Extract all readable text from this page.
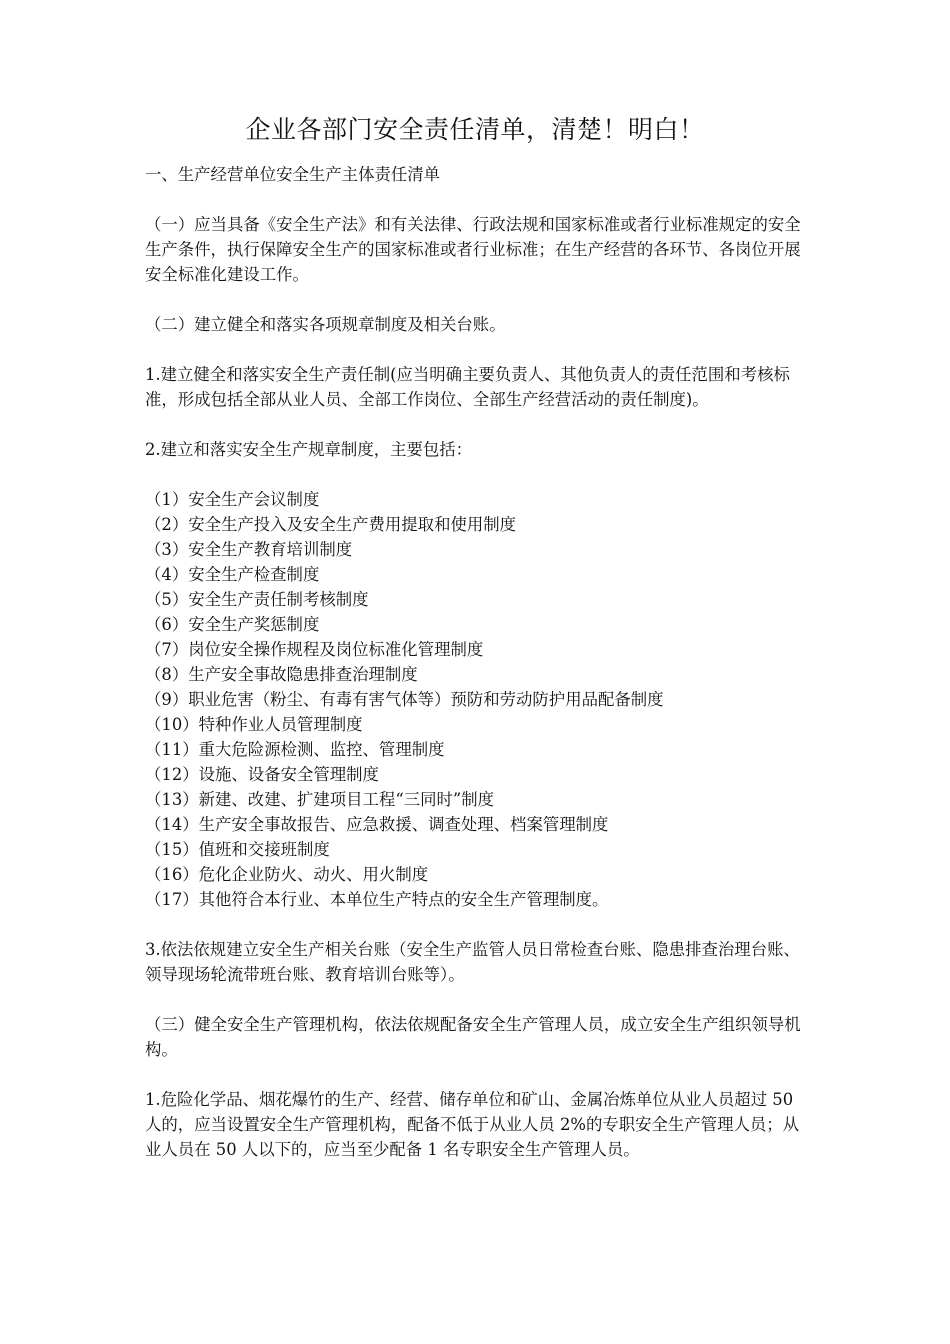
企业各部门安全责任清单，清楚！明白！

一、生产经营单位安全生产主体责任清单

（一）应当具备《安全生产法》和有关法律、行政法规和国家标准或者行业标准规定的安全生产条件，执行保障安全生产的国家标准或者行业标准；在生产经营的各环节、各岗位开展安全标准化建设工作。

（二）建立健全和落实各项规章制度及相关台账。

1.建立健全和落实安全生产责任制(应当明确主要负责人、其他负责人的责任范围和考核标准，形成包括全部从业人员、全部工作岗位、全部生产经营活动的责任制度)。

2.建立和落实安全生产规章制度，主要包括：

（1）安全生产会议制度
（2）安全生产投入及安全生产费用提取和使用制度
（3）安全生产教育培训制度
（4）安全生产检查制度
（5）安全生产责任制考核制度
（6）安全生产奖惩制度
（7）岗位安全操作规程及岗位标准化管理制度
（8）生产安全事故隐患排查治理制度
（9）职业危害（粉尘、有毒有害气体等）预防和劳动防护用品配备制度
（10）特种作业人员管理制度
（11）重大危险源检测、监控、管理制度
（12）设施、设备安全管理制度
（13）新建、改建、扩建项目工程“三同时”制度
（14）生产安全事故报告、应急救援、调查处理、档案管理制度
（15）值班和交接班制度
（16）危化企业防火、动火、用火制度
（17）其他符合本行业、本单位生产特点的安全生产管理制度。

3.依法依规建立安全生产相关台账（安全生产监管人员日常检查台账、隐患排查治理台账、领导现场轮流带班台账、教育培训台账等）。

（三）健全安全生产管理机构，依法依规配备安全生产管理人员，成立安全生产组织领导机构。

1.危险化学品、烟花爆竹的生产、经营、储存单位和矿山、金属冶炼单位从业人员超过 50 人的，应当设置安全生产管理机构，配备不低于从业人员 2%的专职安全生产管理人员；从业人员在 50 人以下的，应当至少配备 1 名专职安全生产管理人员。
